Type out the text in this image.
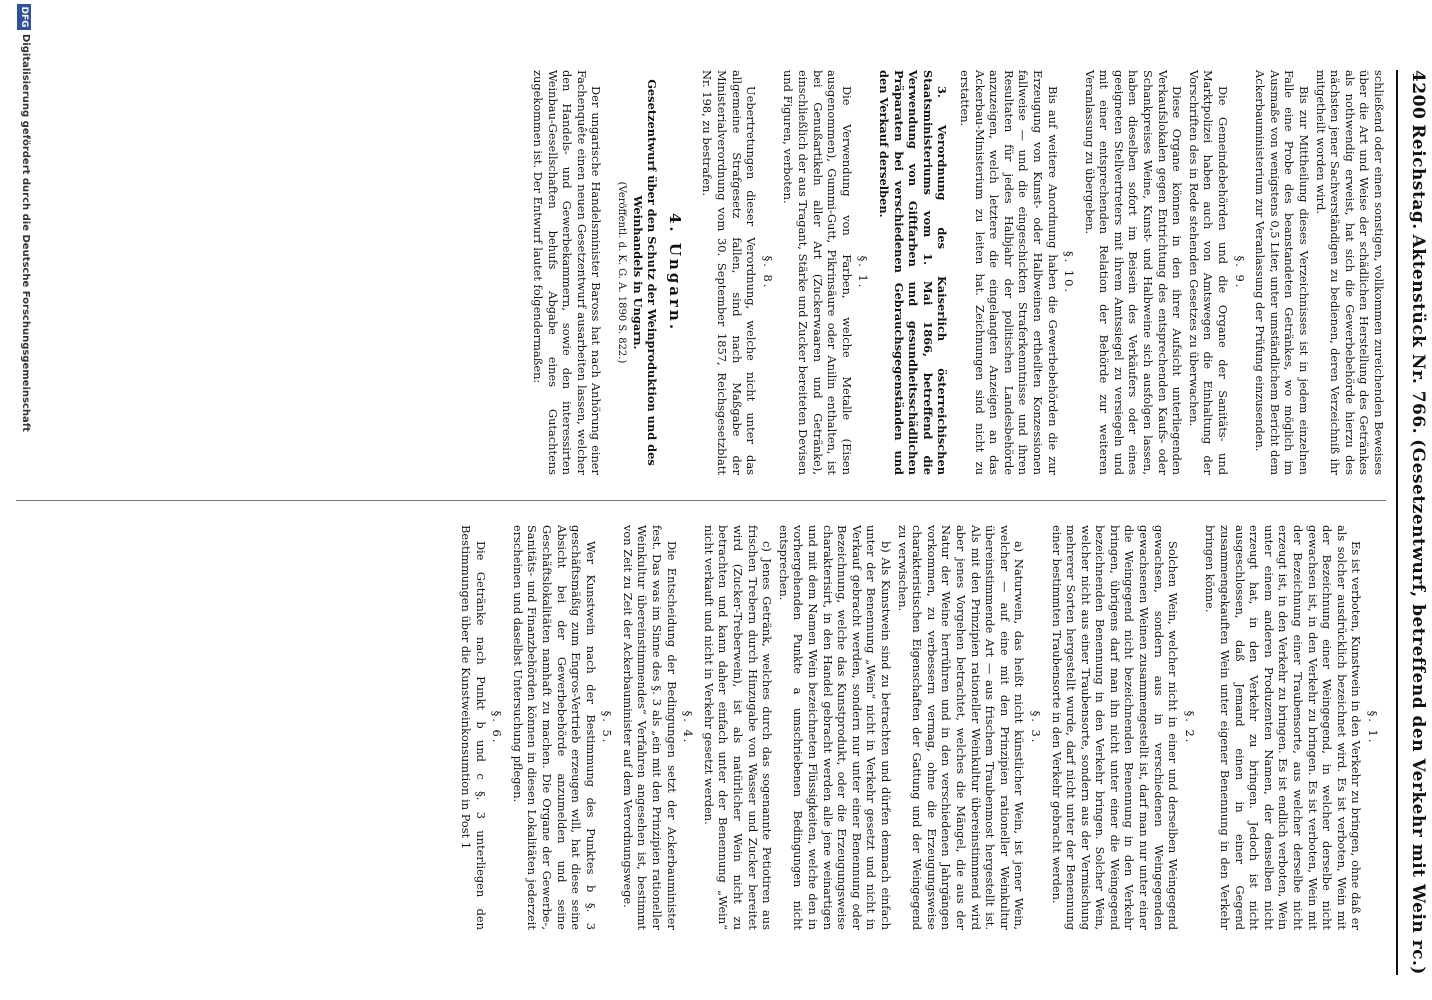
4200
Reichstag.
Aktenstück Nr. 766.
(Gesetzentwurf, betreffend den Verkehr mit Wein rc.)
schließend oder einen sonstigen, vollkommen zureichenden Beweises über die Art und Weise der schädlichen Herstellung des Getränkes als nothwendig erweist, hat sich die Gewerbebehörde hierzu des nächsten jener Sachverständigen zu bedienen, deren Verzeichniß ihr mitgetheilt worden wird.
Bis zur Mittheilung dieses Verzeichnisses ist in jedem einzelnen Falle eine Probe des beanstandeten Getränkes, wo möglich im Ausmaße von wenigstens 0,5 Liter, unter umständlichem Bericht dem Ackerbauministerium zur Veranlassung der Prüfung einzusenden.
§. 9.
Die Gemeindebehörden und die Organe der Sanitäts- und Marktpolizei haben auch von Amtswegen die Einhaltung der Vorschriften des in Rede stehenden Gesetzes zu überwachen.
Diese Organe können in den ihrer Aufsicht unterliegenden Verkaufslokalen gegen Entrichtung des entsprechenden Kaufs- oder Schankpreises Weine, Kunst- und Halbweine sich ausfolgen lassen, haben dieselben sofort im Beisein des Verkäufers oder eines geeigneten Stellvertreters mit ihrem Amtssiegel zu versiegeln und mit einer entsprechenden Relation der Behörde zur weiteren Veranlassung zu übergeben.
§. 10.
Bis auf weitere Anordnung haben die Gewerbebehörden die zur Erzeugung von Kunst- oder Halbweinen ertheilten Konzessionen fallweise — und die eingeschickten Straferkenntnisse und ihren Resultaten für jedes Halbjahr der politischen Landesbehörde anzuzeigen, welch letztere die eingelangten Anzeigen an das Ackerbau-Ministerium zu leiten hat. Zeichnungen sind nicht zu erstatten.
3. Verordnung des Kaiserlich österreichischen Staatsministeriums vom 1. Mai 1866, betreffend die Verwendung von Giftfarben und gesundheitsschädlichen Präparaten bei verschiedenen Gebrauchsgegenständen und den Verkauf derselben.
§. 1.
Die Verwendung von Farben, welche Metalle (Eisen ausgenommen), Gummi-Gutt, Pikrinsäure oder Anilin enthalten, ist bei Genußartikeln aller Art (Zuckerwaaren und Getränke), einschließlich der aus Tragant, Stärke und Zucker bereiteten Devisen und Figuren, verboten.
§. 8.
Uebertretungen dieser Verordnung, welche nicht unter das allgemeine Strafgesetz fallen, sind nach Maßgabe der Ministerialverordnung vom 30. September 1857, Reichsgesetzblatt Nr. 198, zu bestrafen.
4. Ungarn.
Gesetzentwurf über den Schutz der Weinproduktion und des Weinhandels in Ungarn.
(Veröffentl. d. K. G. A. 1890 S. 822.)
Der ungarische Handelsminister Baross hat nach Anhörung einer Fachenquête einen neuen Gesetzentwurf ausarbeiten lassen, welcher den Handels- und Gewerbekammern, sowie den interessirten Weinbau-Gesellschaften behufs Abgabe eines Gutachtens zugekommen ist. Der Entwurf lautet folgendermaßen:
§. 1.
Es ist verboten, Kunstwein in den Verkehr zu bringen, ohne daß er als solcher ausdrücklich bezeichnet wird. Es ist verboten, Wein mit der Bezeichnung einer Weingegend, in welcher derselbe nicht gewachsen ist, in den Verkehr zu bringen. Es ist verboten, Wein mit der Bezeichnung einer Traubensorte, aus welcher derselbe nicht erzeugt ist, in den Verkehr zu bringen. Es ist endlich verboten, Wein unter einem anderen Produzenten Namen, der denselben nicht erzeugt hat, in den Verkehr zu bringen. Jedoch ist nicht ausgeschlossen, daß Jemand einen in einer Gegend zusammengekauften Wein unter eigener Benennung in den Verkehr bringen könne.
§. 2.
Solchen Wein, welcher nicht in einer und derselben Weingegend gewachsen, sondern aus in verschiedenen Weingegenden gewachsenen Weinen zusammengestellt ist, darf man nur unter einer die Weingegend nicht bezeichnenden Benennung in den Verkehr bringen, übrigens darf man ihn nicht unter einer die Weingegend bezeichnenden Benennung in den Verkehr bringen. Solcher Wein, welcher nicht aus einer Traubensorte, sondern aus der Vermischung mehrerer Sorten hergestellt wurde, darf nicht unter der Benennung einer bestimmten Traubensorte in den Verkehr gebracht werden.
§. 3.
a) Naturwein, das heißt nicht künstlicher Wein, ist jener Wein, welcher — auf eine mit den Prinzipien rationeller Weinkultur übereinstimmende Art — aus frischem Traubenmost hergestellt ist. Als mit den Prinzipien rationeller Weinkultur übereinstimmend wird aber jenes Vorgehen betrachtet, welches die Mängel, die aus der Natur der Weine herrühren und in den verschiedenen Jahrgängen vorkommen, zu verbessern vermag, ohne die Erzeugungsweise charakteristischen Eigenschaften der Gattung und der Weingegend zu verwischen.
b) Als Kunstwein sind zu betrachten und dürfen demnach einfach unter der Benennung „Wein“ nicht in Verkehr gesetzt und nicht in Verkauf gebracht werden, sondern nur unter einer Benennung oder Bezeichnung, welche das Kunstprodukt, oder die Erzeugungsweise charakterisirt, in den Handel gebracht werden alle jene weinartigen und mit dem Namen Wein bezeichneten Flüssigkeiten, welche den in vorhergehenden Punkte a umschriebenen Bedingungen nicht entsprechen.
c) Jenes Getränk, welches durch das sogenannte Petiotiren aus frischen Trebern durch Hinzugabe von Wasser und Zucker bereitet wird (Zucker-Treberwein), ist als natürlicher Wein nicht zu betrachten und kann daher einfach unter der Benennung „Wein“ nicht verkauft und nicht in Verkehr gesetzt werden.
§. 4.
Die Entscheidung der Bedingungen setzt der Ackerbauminister fest. Das was im Sinne des §. 3 als „ein mit den Prinzipien rationeller Weinkultur übereinstimmendes“ Verfahren angesehen ist, bestimmt von Zeit zu Zeit der Ackerbauminister auf dem Verordnungswege.
§. 5.
Wer Kunstwein nach der Bestimmung des Punktes b §. 3 geschäftsmäßig zum Engros-Vertrieb erzeugen will, hat diese seine Absicht bei der Gewerbebehörde anzumelden und seine Geschäftslokalitäten namhaft zu machen. Die Organe der Gewerbe-, Sanitäts- und Finanzbehörden können in diesen Lokalitäten jederzeit erscheinen und daselbst Untersuchung pflegen.
§. 6.
Die Getränke nach Punkt b und c §. 3 unterliegen den Bestimmungen über die Kunstweinkonsumtion in Post 1
DFG
Digitalisierung gefördert durch die Deutsche Forschungsgemeinschaft
